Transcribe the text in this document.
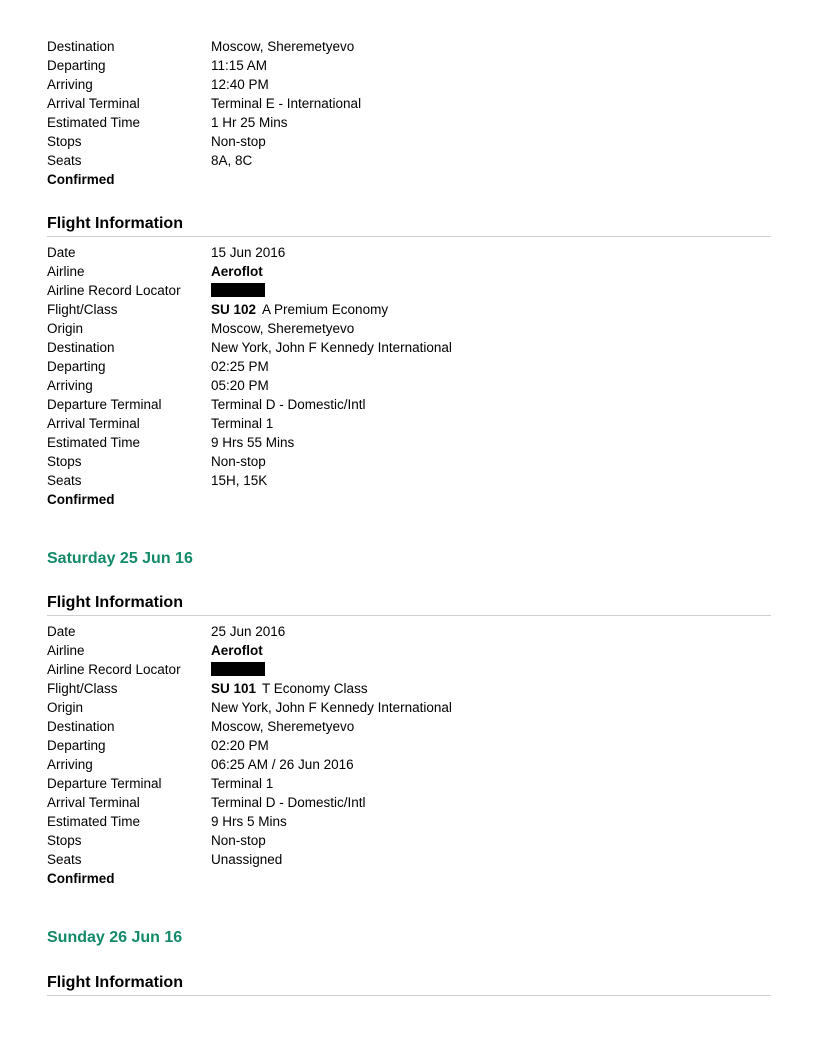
Destination	Moscow, Sheremetyevo
Departing	11:15 AM
Arriving	12:40 PM
Arrival Terminal	Terminal E - International
Estimated Time	1 Hr 25 Mins
Stops	Non-stop
Seats	8A, 8C
Confirmed
Flight Information
Date	15 Jun 2016
Airline	Aeroflot
Airline Record Locator
Flight/Class	SU 102 A Premium Economy
Origin	Moscow, Sheremetyevo
Destination	New York, John F Kennedy International
Departing	02:25 PM
Arriving	05:20 PM
Departure Terminal	Terminal D - Domestic/Intl
Arrival Terminal	Terminal 1
Estimated Time	9 Hrs 55 Mins
Stops	Non-stop
Seats	15H, 15K
Confirmed
Saturday 25 Jun 16
Flight Information
Date	25 Jun 2016
Airline	Aeroflot
Airline Record Locator
Flight/Class	SU 101 T Economy Class
Origin	New York, John F Kennedy International
Destination	Moscow, Sheremetyevo
Departing	02:20 PM
Arriving	06:25 AM / 26 Jun 2016
Departure Terminal	Terminal 1
Arrival Terminal	Terminal D - Domestic/Intl
Estimated Time	9 Hrs 5 Mins
Stops	Non-stop
Seats	Unassigned
Confirmed
Sunday 26 Jun 16
Flight Information
